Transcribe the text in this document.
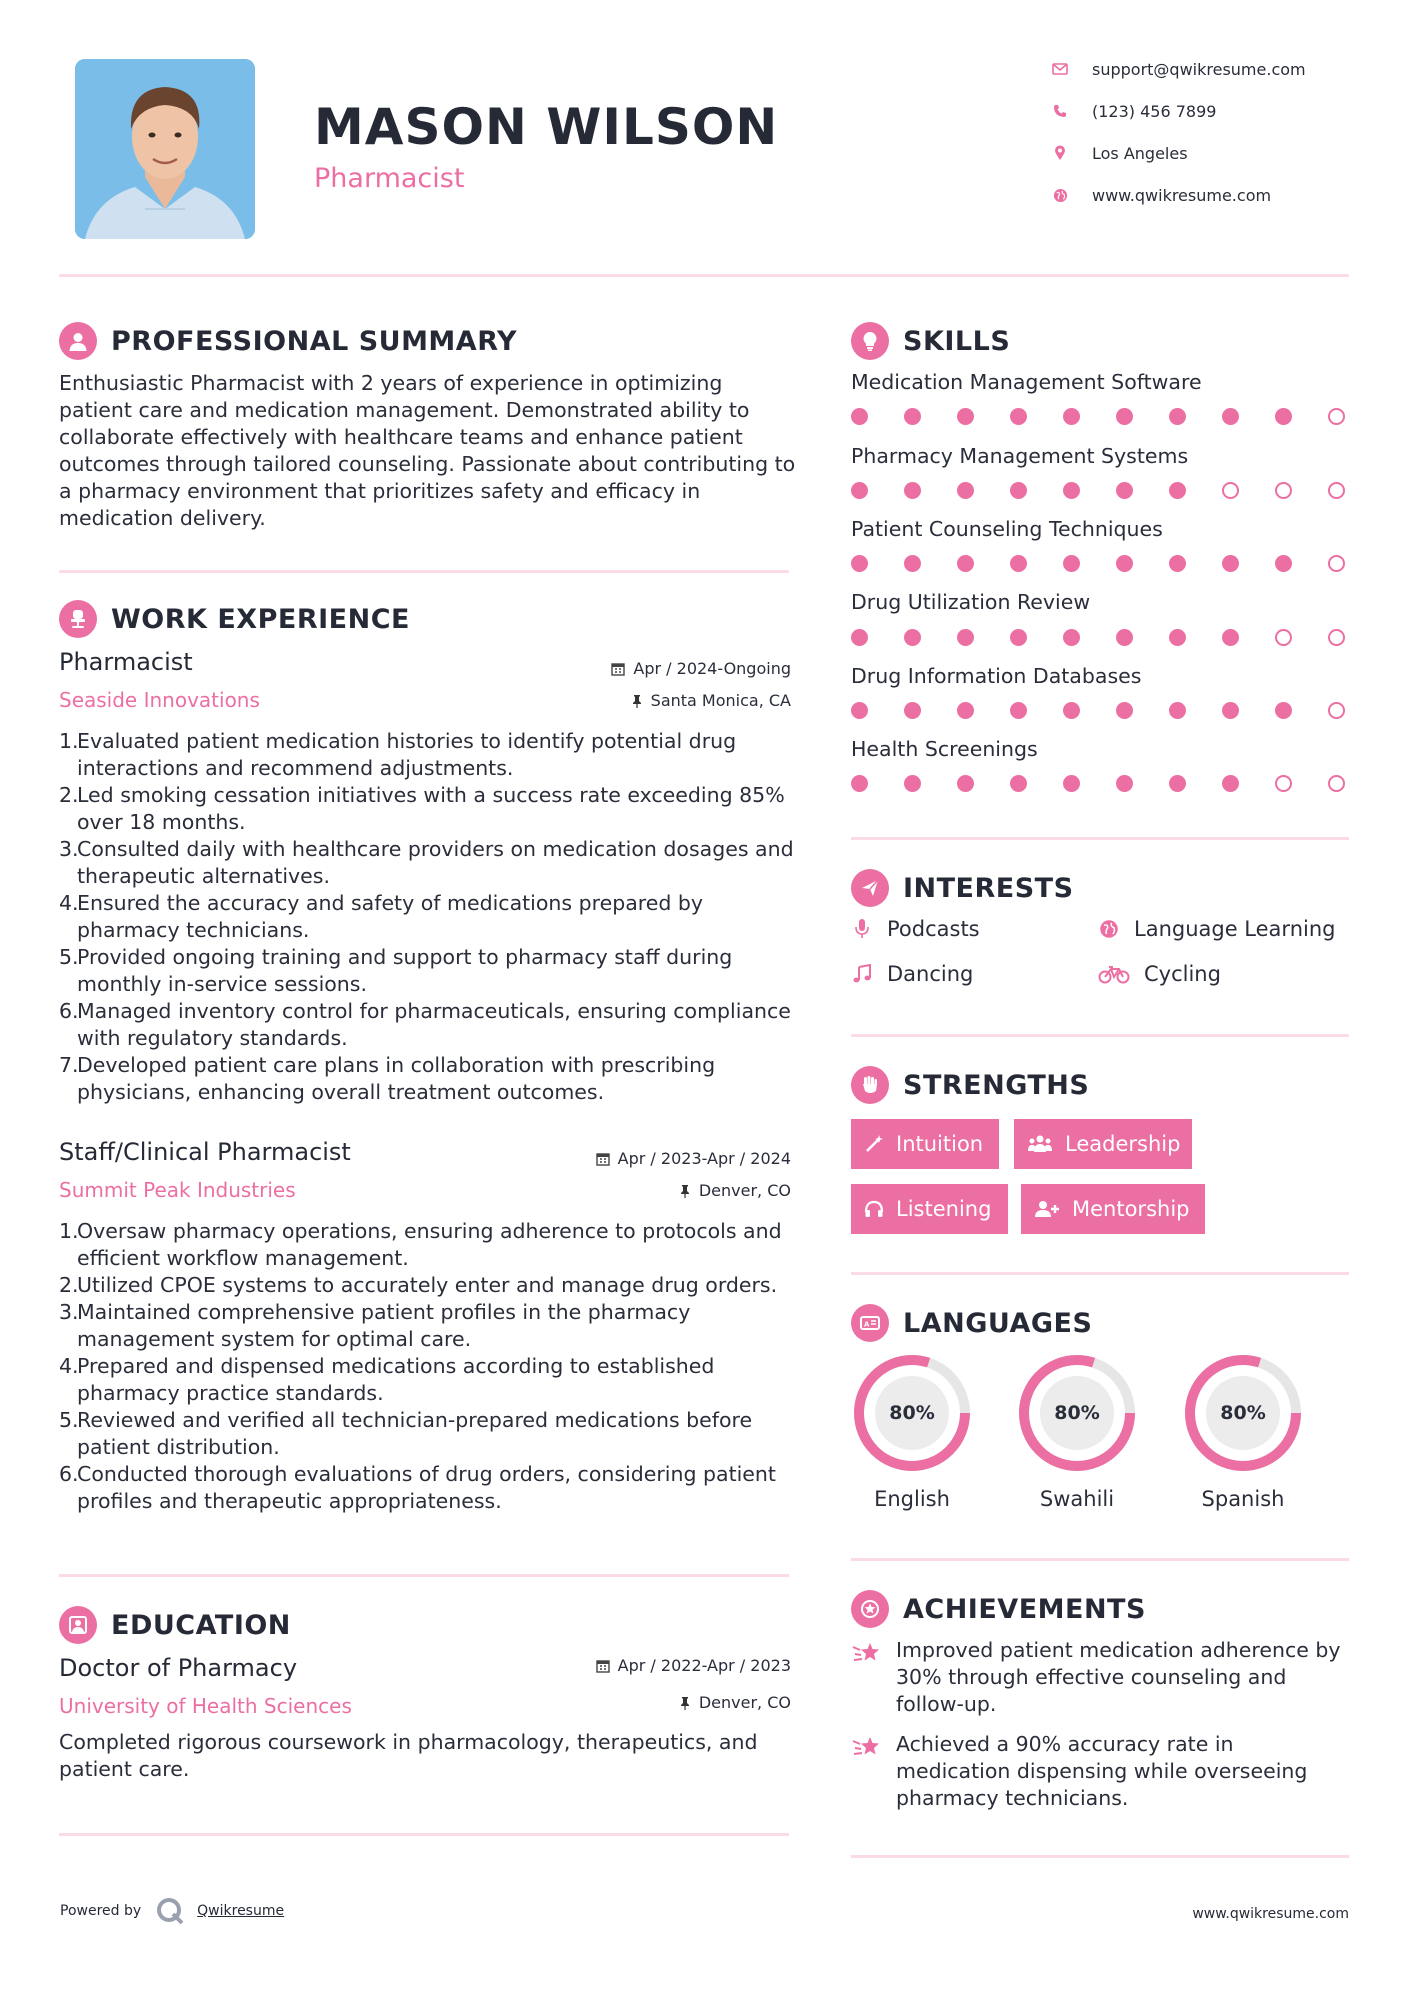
MASON WILSON
Pharmacist
support@qwikresume.com
(123) 456 7899
Los Angeles
www.qwikresume.com
PROFESSIONAL SUMMARY
Enthusiastic Pharmacist with 2 years of experience in optimizing patient care and medication management. Demonstrated ability to collaborate effectively with healthcare teams and enhance patient outcomes through tailored counseling. Passionate about contributing to a pharmacy environment that prioritizes safety and efficacy in medication delivery.
WORK EXPERIENCE
Pharmacist
Seaside Innovations
Apr / 2024-Ongoing
Santa Monica, CA
1.
Evaluated patient medication histories to identify potential drug interactions and recommend adjustments.
2.
Led smoking cessation initiatives with a success rate exceeding 85% over 18 months.
3.
Consulted daily with healthcare providers on medication dosages and therapeutic alternatives.
4.
Ensured the accuracy and safety of medications prepared by pharmacy technicians.
5.
Provided ongoing training and support to pharmacy staff during monthly in-service sessions.
6.
Managed inventory control for pharmaceuticals, ensuring compliance with regulatory standards.
7.
Developed patient care plans in collaboration with prescribing physicians, enhancing overall treatment outcomes.
Staff/Clinical Pharmacist
Summit Peak Industries
Apr / 2023-Apr / 2024
Denver, CO
1.
Oversaw pharmacy operations, ensuring adherence to protocols and efficient workflow management.
2.
Utilized CPOE systems to accurately enter and manage drug orders.
3.
Maintained comprehensive patient profiles in the pharmacy management system for optimal care.
4.
Prepared and dispensed medications according to established pharmacy practice standards.
5.
Reviewed and verified all technician-prepared medications before patient distribution.
6.
Conducted thorough evaluations of drug orders, considering patient profiles and therapeutic appropriateness.
EDUCATION
Doctor of Pharmacy
University of Health Sciences
Apr / 2022-Apr / 2023
Denver, CO
Completed rigorous coursework in pharmacology, therapeutics, and patient care.
SKILLS
Medication Management Software
Pharmacy Management Systems
Patient Counseling Techniques
Drug Utilization Review
Drug Information Databases
Health Screenings
INTERESTS
Podcasts	Language Learning
Dancing	Cycling
STRENGTHS
Intuition	Leadership
Listening	Mentorship
A LANGUAGES
80%
English
80%
Swahili
80%
Spanish
ACHIEVEMENTS
Improved patient medication adherence by 30% through effective counseling and follow-up.
Achieved a 90% accuracy rate in medication dispensing while overseeing pharmacy technicians.
Powered by	Qwikresume	www.qwikresume.com
